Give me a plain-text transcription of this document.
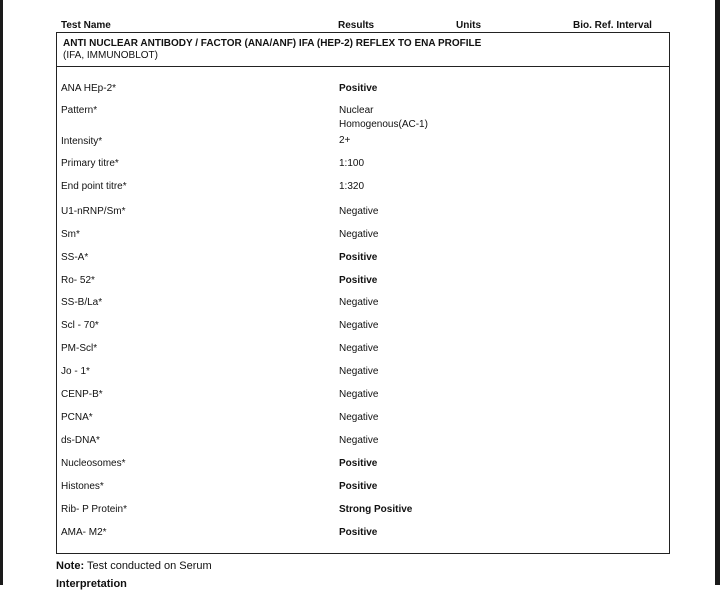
Test Name	Results	Units	Bio. Ref. Interval
ANTI NUCLEAR ANTIBODY / FACTOR (ANA/ANF) IFA (HEP-2) REFLEX TO ENA PROFILE
(IFA, IMMUNOBLOT)
ANA HEp-2*	Positive
Pattern*	Nuclear
Homogenous(AC-1)
Intensity*	2+
Primary titre*	1:100
End point titre*	1:320
U1-nRNP/Sm*	Negative
Sm*	Negative
SS-A*	Positive
Ro- 52*	Positive
SS-B/La*	Negative
Scl - 70*	Negative
PM-Scl*	Negative
Jo - 1*	Negative
CENP-B*	Negative
PCNA*	Negative
ds-DNA*	Negative
Nucleosomes*	Positive
Histones*	Positive
Rib- P Protein*	Strong Positive
AMA- M2*	Positive
Note: Test conducted on Serum
Interpretation
